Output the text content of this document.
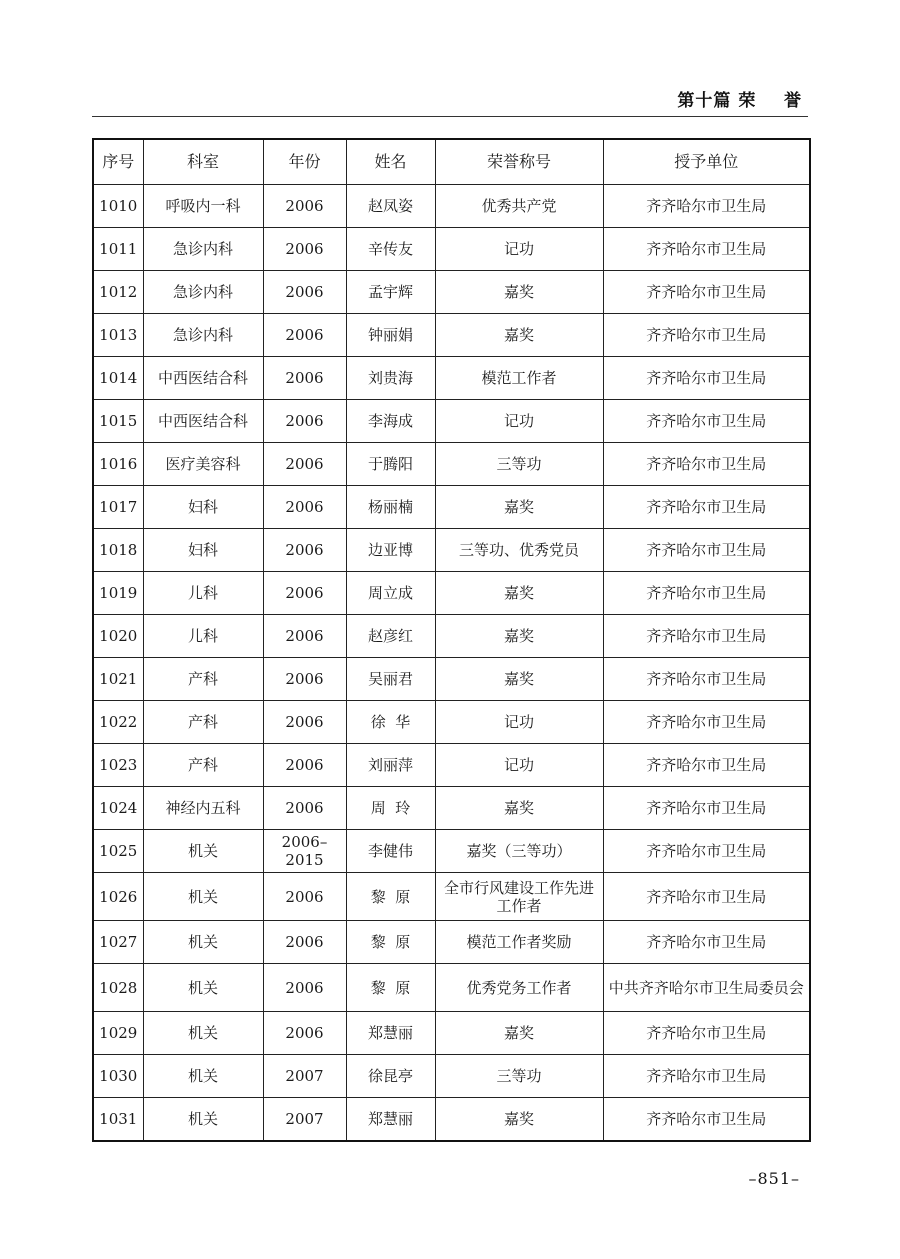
第十篇 荣    誉
序号	科室	年份	姓名	荣誉称号	授予单位
1010	呼吸内一科	2006	赵凤姿	优秀共产党	齐齐哈尔市卫生局
1011	急诊内科	2006	辛传友	记功	齐齐哈尔市卫生局
1012	急诊内科	2006	孟宇辉	嘉奖	齐齐哈尔市卫生局
1013	急诊内科	2006	钟丽娟	嘉奖	齐齐哈尔市卫生局
1014	中西医结合科	2006	刘贵海	模范工作者	齐齐哈尔市卫生局
1015	中西医结合科	2006	李海成	记功	齐齐哈尔市卫生局
1016	医疗美容科	2006	于腾阳	三等功	齐齐哈尔市卫生局
1017	妇科	2006	杨丽楠	嘉奖	齐齐哈尔市卫生局
1018	妇科	2006	边亚博	三等功、优秀党员	齐齐哈尔市卫生局
1019	儿科	2006	周立成	嘉奖	齐齐哈尔市卫生局
1020	儿科	2006	赵彦红	嘉奖	齐齐哈尔市卫生局
1021	产科	2006	吴丽君	嘉奖	齐齐哈尔市卫生局
1022	产科	2006	徐  华	记功	齐齐哈尔市卫生局
1023	产科	2006	刘丽萍	记功	齐齐哈尔市卫生局
1024	神经内五科	2006	周  玲	嘉奖	齐齐哈尔市卫生局
1025	机关	2006–2015	李健伟	嘉奖（三等功）	齐齐哈尔市卫生局
1026	机关	2006	黎  原	全市行风建设工作先进工作者	齐齐哈尔市卫生局
1027	机关	2006	黎  原	模范工作者奖励	齐齐哈尔市卫生局
1028	机关	2006	黎  原	优秀党务工作者	中共齐齐哈尔市卫生局委员会
1029	机关	2006	郑慧丽	嘉奖	齐齐哈尔市卫生局
1030	机关	2007	徐昆亭	三等功	齐齐哈尔市卫生局
1031	机关	2007	郑慧丽	嘉奖	齐齐哈尔市卫生局
–851–
